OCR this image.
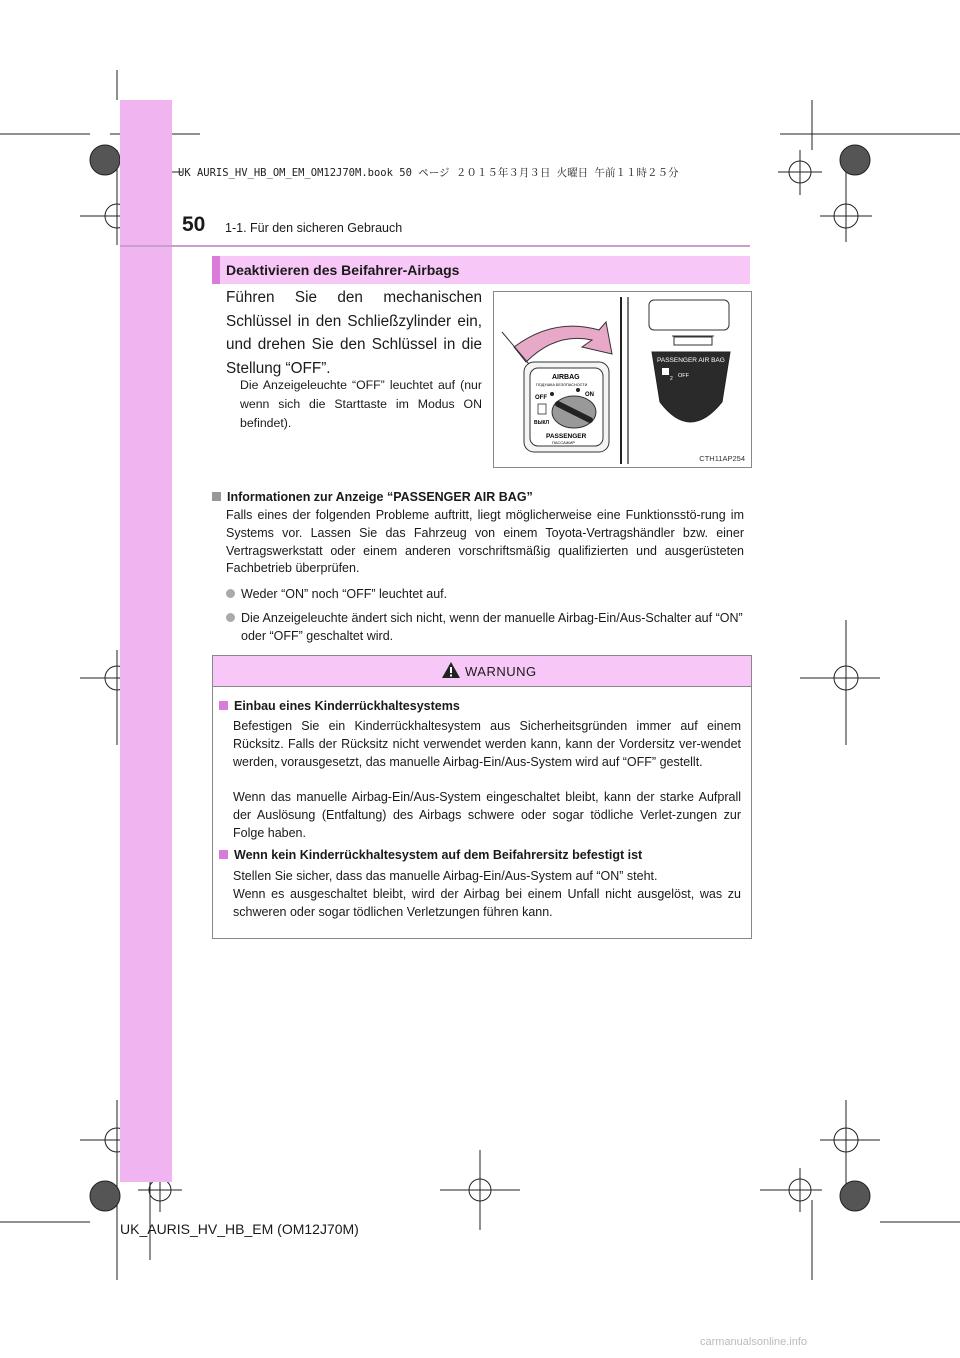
UK AURIS_HV_HB_OM_EM_OM12J70M.book 50 ページ ２０１５年３月３日 火曜日 午前１１時２５分
50 1-1. Für den sicheren Gebrauch
Deaktivieren des Beifahrer-Airbags
Führen Sie den mechanischen Schlüssel in den Schließzylinder ein, und drehen Sie den Schlüssel in die Stellung “OFF”.
Die Anzeigeleuchte “OFF” leuchtet auf (nur wenn sich die Starttaste im Modus ON befindet).
AIRBAG
ПОДУШКА БЕЗОПАСНОСТИ
OFF	ON
ВЫКЛ
PASSENGER
ПАССАЖИР
PASSENGER AIR BAG
2 OFF
CTH11AP254
Informationen zur Anzeige “PASSENGER AIR BAG”
Falls eines der folgenden Probleme auftritt, liegt möglicherweise eine Funktionsstö-rung im Systems vor. Lassen Sie das Fahrzeug von einem Toyota-Vertragshändler bzw. einer Vertragswerkstatt oder einem anderen vorschriftsmäßig qualifizierten und ausgerüsteten Fachbetrieb überprüfen.
Weder “ON” noch “OFF” leuchtet auf.
Die Anzeigeleuchte ändert sich nicht, wenn der manuelle Airbag-Ein/Aus-Schalter auf “ON” oder “OFF” geschaltet wird.
WARNUNG
Einbau eines Kinderrückhaltesystems
Befestigen Sie ein Kinderrückhaltesystem aus Sicherheitsgründen immer auf einem Rücksitz. Falls der Rücksitz nicht verwendet werden kann, kann der Vordersitz ver-wendet werden, vorausgesetzt, das manuelle Airbag-Ein/Aus-System wird auf “OFF” gestellt.
Wenn das manuelle Airbag-Ein/Aus-System eingeschaltet bleibt, kann der starke Aufprall der Auslösung (Entfaltung) des Airbags schwere oder sogar tödliche Verlet-zungen zur Folge haben.
Wenn kein Kinderrückhaltesystem auf dem Beifahrersitz befestigt ist
Stellen Sie sicher, dass das manuelle Airbag-Ein/Aus-System auf “ON” steht.
Wenn es ausgeschaltet bleibt, wird der Airbag bei einem Unfall nicht ausgelöst, was zu schweren oder sogar tödlichen Verletzungen führen kann.
UK_AURIS_HV_HB_EM (OM12J70M)
carmanualsonline.info
